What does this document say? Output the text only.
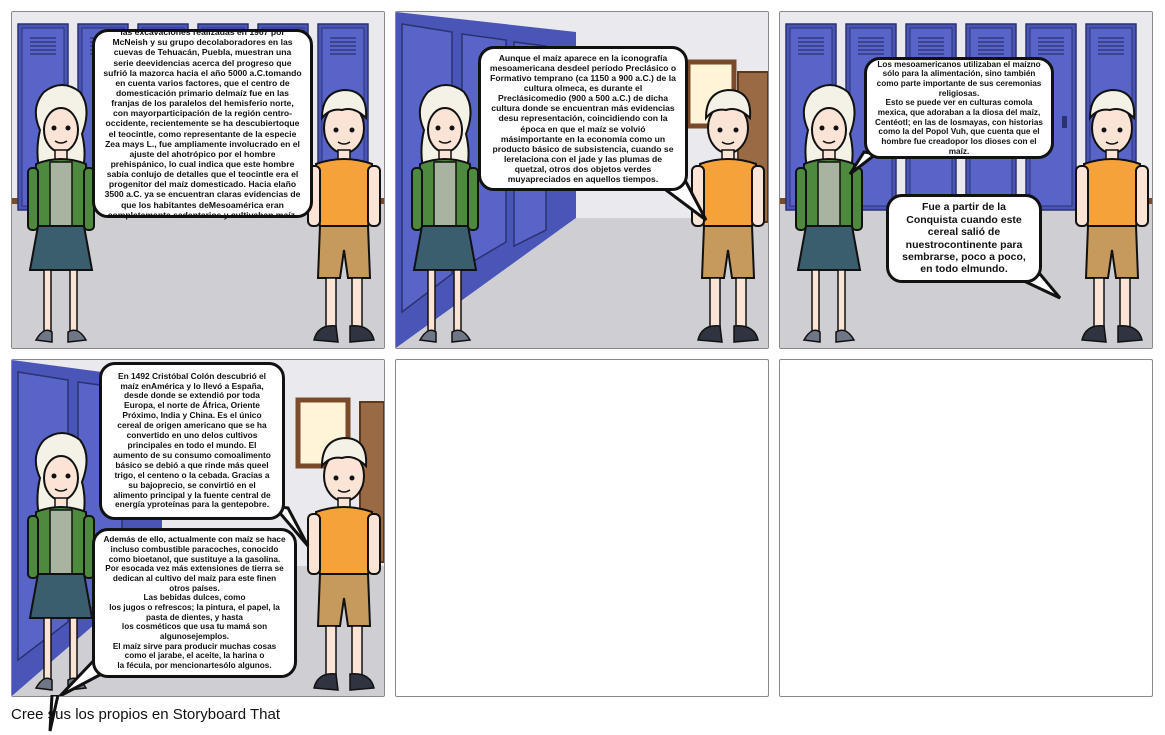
las excavaciones realizadas en 1967 por McNeish y su grupo decolaboradores en las cuevas de Tehuacán, Puebla, muestran una serie deevidencias acerca del progreso que sufrió la mazorca hacia el año 5000 a.C.tomando en cuenta varios factores, que el centro de domesticación primario delmaíz fue en las franjas de los paralelos del hemisferio norte, con mayorparticipación de la región centro-occidente, recientemente se ha descubiertoque el teocintle, como representante de la especie Zea mays L., fue ampliamente involucrado en el ajuste del ahotrópico por el hombre prehispánico, lo cual indica que este hombre sabía conlujo de detalles que el teocintle era el progenitor del maíz domesticado. Hacia elaño 3500 a.C. ya se encuentran claras evidencias de que los habitantes deMesoamérica eran completamente sedentarios y cultivaban maíz.
Aunque el maíz aparece en la iconografía mesoamericana desdeel período Preclásico o Formativo temprano (ca 1150 a 900 a.C.) de la cultura olmeca, es durante el Preclásicomedio (900 a 500 a.C.) de dicha cultura donde se encuentran más evidencias desu representación, coincidiendo con la época en que el maíz se volvió másimportante en la economía como un producto básico de subsistencia, cuando se lerelaciona con el jade y las plumas de quetzal, otros dos objetos verdes muyapreciados en aquellos tiempos.
Los mesoamericanos utilizaban el maízno sólo para la alimentación, sino también como parte importante de sus ceremonias religiosas.
Esto se puede ver en culturas comola mexica, que adoraban a la diosa del maíz, Centéotl; en las de losmayas, con historias como la del Popol Vuh, que cuenta que el hombre fue creadopor los dioses con el maíz.
Fue a partir de la Conquista cuando este cereal salió de nuestrocontinente para sembrarse, poco a poco, en todo elmundo.
En 1492 Cristóbal Colón descubrió el maíz enAmérica y lo llevó a España, desde donde se extendió por toda Europa, el norte de África, Oriente
Próximo, India y China. Es el único cereal de origen americano que se ha convertido en uno delos cultivos principales en todo el mundo. El aumento de su consumo comoalimento básico se debió a que rinde más queel trigo, el centeno o la cebada. Gracias a su bajoprecio, se convirtió en el alimento principal y la fuente central de energía yproteínas para la gentepobre.
Además de ello, actualmente con maíz se hace incluso combustible paracoches, conocido como bioetanol, que sustituye a la gasolina. Por esocada vez más extensiones de tierra se dedican al cultivo del maíz para este finen otros países.
Las bebidas dulces, como
los jugos o refrescos; la pintura, el papel, la pasta de dientes, y hasta
los cosméticos que usa tu mamá son algunosejemplos.
El maíz sirve para producir muchas cosas como el jarabe, el aceite, la harina o
la fécula, por mencionartesólo algunos.
Cree sus los propios en Storyboard That
